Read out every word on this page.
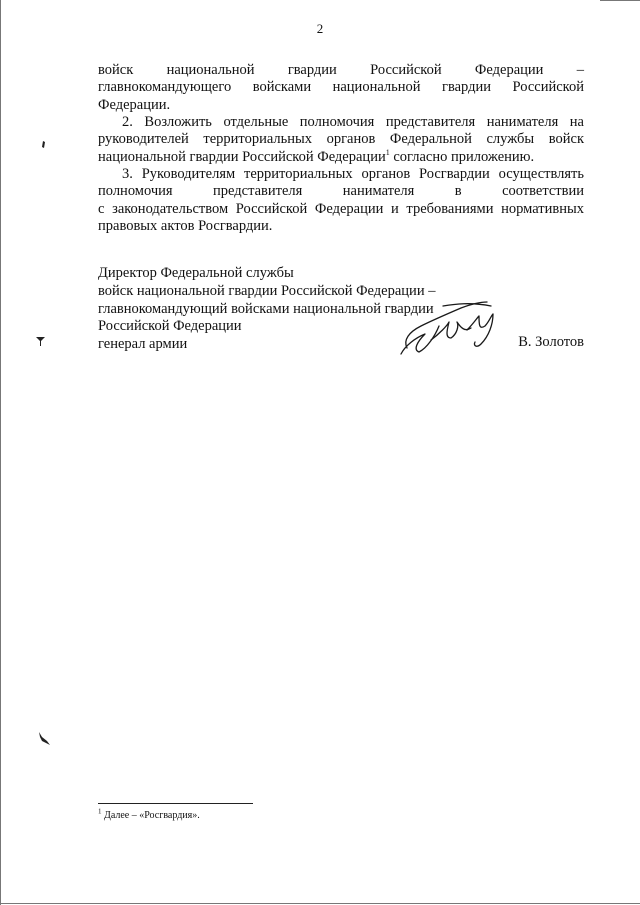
2
войск национальной гвардии Российской Федерации –
главнокомандующего войсками национальной гвардии Российской
Федерации.
2. Возложить отдельные полномочия представителя нанимателя на
руководителей территориальных органов Федеральной службы войск
национальной гвардии Российской Федерации$^1$ согласно приложению.
3. Руководителям территориальных органов Росгвардии осуществлять
полномочия представителя нанимателя в соответствии
с законодательством Российской Федерации и требованиями нормативных
правовых актов Росгвардии.
Директор Федеральной службы
войск национальной гвардии Российской Федерации –
главнокомандующий войсками национальной гвардии
Российской Федерации
генерал армии	В. Золотов
$^1$ Далее – «Росгвардия».
